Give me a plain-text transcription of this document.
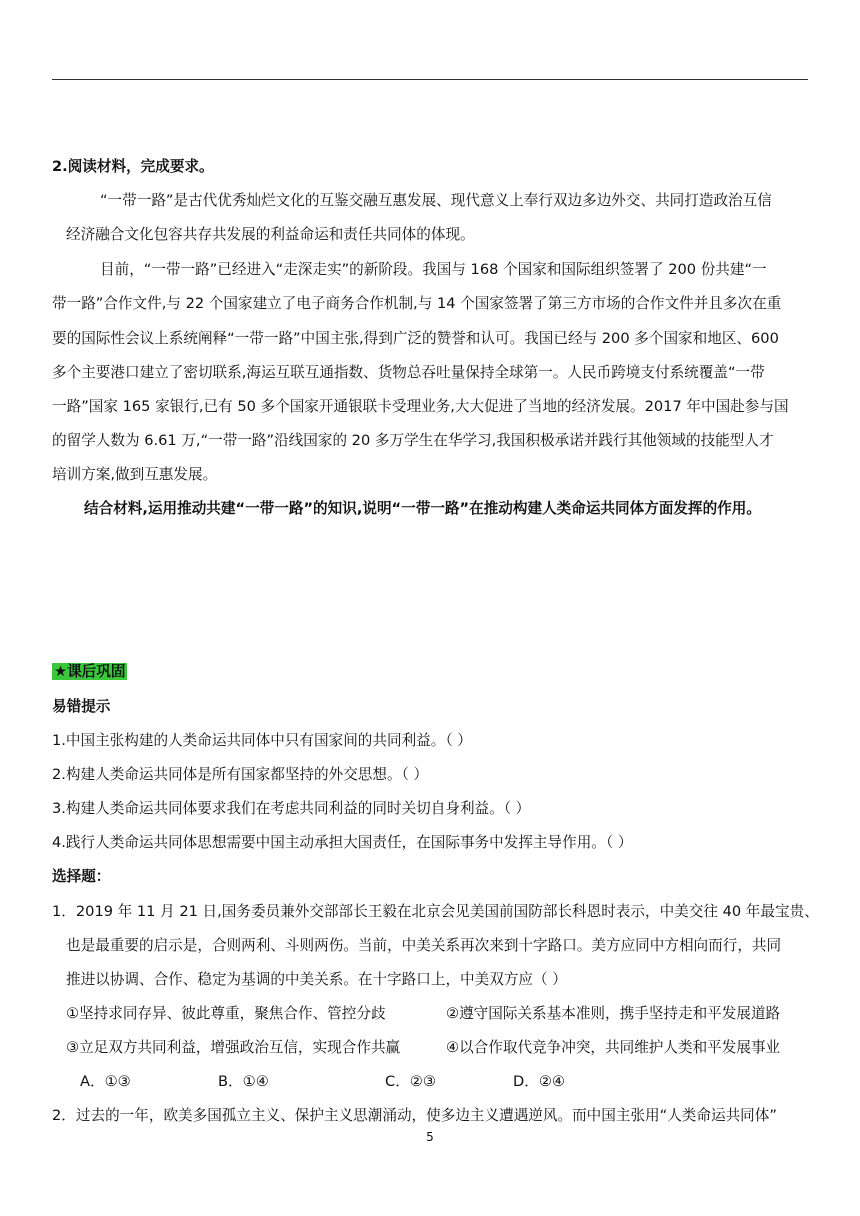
2.阅读材料，完成要求。
“一带一路”是古代优秀灿烂文化的互鉴交融互惠发展、现代意义上奉行双边多边外交、共同打造政治互信
经济融合文化包容共存共发展的利益命运和责任共同体的体现。
目前，“一带一路”已经进入“走深走实”的新阶段。我国与 168 个国家和国际组织签署了 200 份共建“一
带一路”合作文件,与 22 个国家建立了电子商务合作机制,与 14 个国家签署了第三方市场的合作文件并且多次在重
要的国际性会议上系统阐释“一带一路”中国主张,得到广泛的赞誉和认可。我国已经与 200 多个国家和地区、600
多个主要港口建立了密切联系,海运互联互通指数、货物总吞吐量保持全球第一。人民币跨境支付系统覆盖“一带
一路”国家 165 家银行,已有 50 多个国家开通银联卡受理业务,大大促进了当地的经济发展。2017 年中国赴参与国
的留学人数为 6.61 万,“一带一路”沿线国家的 20 多万学生在华学习,我国积极承诺并践行其他领域的技能型人才
培训方案,做到互惠发展。
结合材料,运用推动共建“一带一路”的知识,说明“一带一路”在推动构建人类命运共同体方面发挥的作用。
★课后巩固
易错提示
1.中国主张构建的人类命运共同体中只有国家间的共同利益。（ ）
2.构建人类命运共同体是所有国家都坚持的外交思想。（ ）
3.构建人类命运共同体要求我们在考虑共同利益的同时关切自身利益。（ ）
4.践行人类命运共同体思想需要中国主动承担大国责任，在国际事务中发挥主导作用。（ ）
选择题：
1．2019 年 11 月 21 日,国务委员兼外交部部长王毅在北京会见美国前国防部长科恩时表示，中美交往 40 年最宝贵、
也是最重要的启示是，合则两利、斗则两伤。当前，中美关系再次来到十字路口。美方应同中方相向而行，共同
推进以协调、合作、稳定为基调的中美关系。在十字路口上，中美双方应（ ）
①坚持求同存异、彼此尊重，聚焦合作、管控分歧	②遵守国际关系基本准则，携手坚持走和平发展道路
③立足双方共同利益，增强政治互信，实现合作共赢	④以合作取代竞争冲突，共同维护人类和平发展事业
A．①③	B．①④	C．②③	D．②④
2．过去的一年，欧美多国孤立主义、保护主义思潮涌动，使多边主义遭遇逆风。而中国主张用“人类命运共同体”
5
